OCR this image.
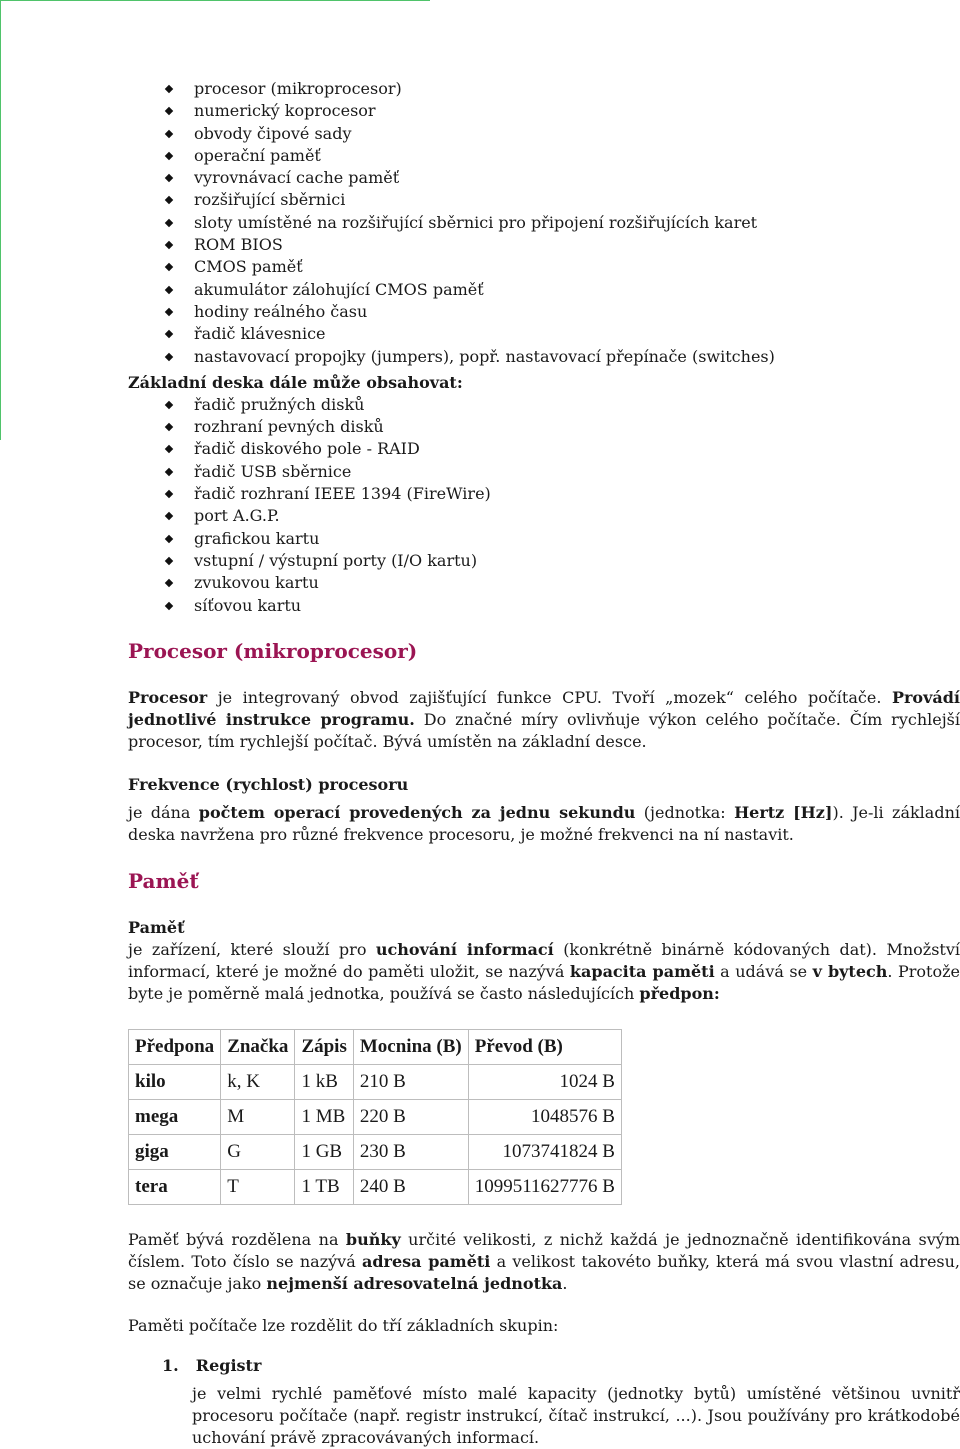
procesor (mikroprocesor)
numerický koprocesor
obvody čipové sady
operační paměť
vyrovnávací cache paměť
rozšiřující sběrnici
sloty umístěné na rozšiřující sběrnici pro připojení rozšiřujících karet
ROM BIOS
CMOS paměť
akumulátor zálohující CMOS paměť
hodiny reálného času
řadič klávesnice
nastavovací propojky (jumpers), popř. nastavovací přepínače (switches)
Základní deska dále může obsahovat:
řadič pružných disků
rozhraní pevných disků
řadič diskového pole - RAID
řadič USB sběrnice
řadič rozhraní IEEE 1394 (FireWire)
port A.G.P.
grafickou kartu
vstupní / výstupní porty (I/O kartu)
zvukovou kartu
síťovou kartu
Procesor (mikroprocesor)

Procesor je integrovaný obvod zajišťující funkce CPU. Tvoří „mozek“ celého počítače. Provádí jednotlivé instrukce programu. Do značné míry ovlivňuje výkon celého počítače. Čím rychlejší procesor, tím rychlejší počítač. Bývá umístěn na základní desce.

Frekvence (rychlost) procesoru

je dána počtem operací provedených za jednu sekundu (jednotka: Hertz [Hz]). Je-li základní deska navržena pro různé frekvence procesoru, je možné frekvenci na ní nastavit.

Paměť
Paměť

je zařízení, které slouží pro uchování informací (konkrétně binárně kódovaných dat). Množství informací, které je možné do paměti uložit, se nazývá kapacita paměti a udává se v bytech. Protože byte je poměrně malá jednotka, používá se často následujících předpon:

Předpona	Značka	Zápis	Mocnina (B)	Převod (B)
kilo	k, K	1 kB	210 B	1024 B
mega	M	1 MB	220 B	1048576 B
giga	G	1 GB	230 B	1073741824 B
tera	T	1 TB	240 B	1099511627776 B

Paměť bývá rozdělena na buňky určité velikosti, z nichž každá je jednoznačně identifikována svým číslem. Toto číslo se nazývá adresa paměti a velikost takovéto buňky, která má svou vlastní adresu, se označuje jako nejmenší adresovatelná jednotka.

Paměti počítače lze rozdělit do tří základních skupin:

1. Registr

je velmi rychlé paměťové místo malé kapacity (jednotky bytů) umístěné většinou uvnitř procesoru počítače (např. registr instrukcí, čítač instrukcí, ...). Jsou používány pro krátkodobé uchování právě zpracovávaných informací.
